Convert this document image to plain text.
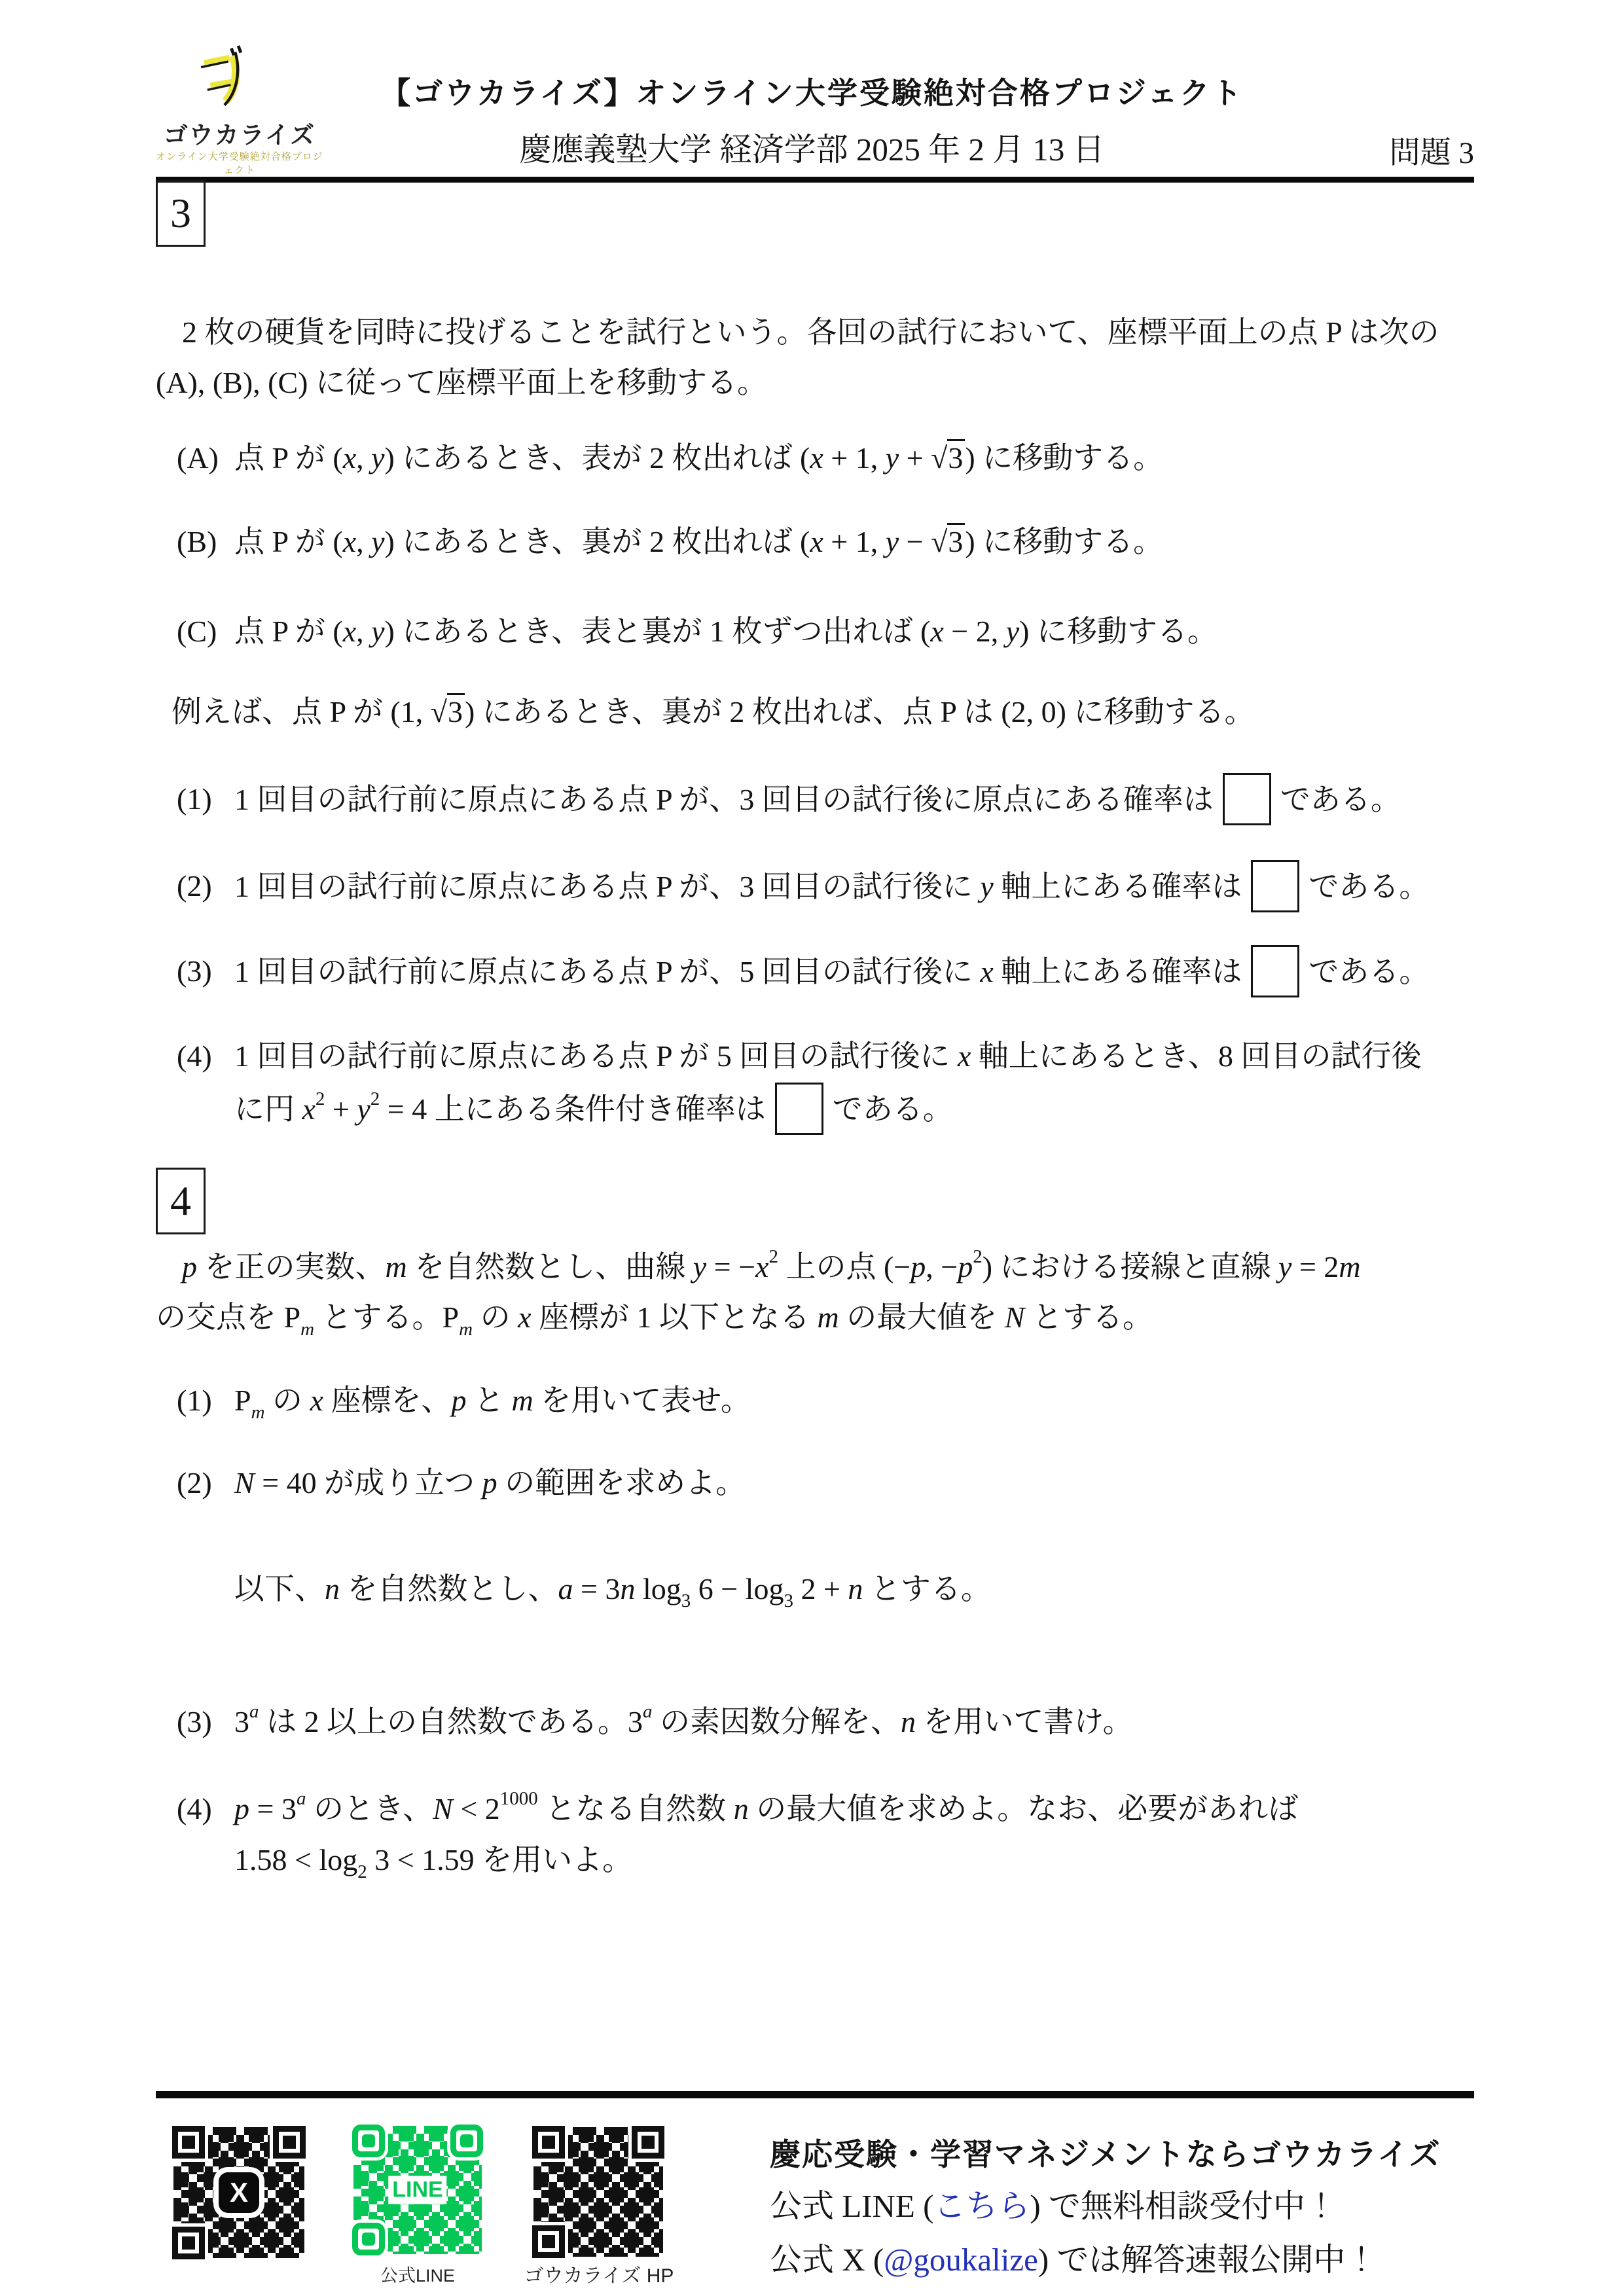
ゴウカライズ
オンライン大学受験絶対合格プロジェクト
【ゴウカライズ】オンライン大学受験絶対合格プロジェクト
慶應義塾大学 経済学部 2025 年 2 月 13 日	問題 3
3
2 枚の硬貨を同時に投げることを試行という。各回の試行において、座標平面上の点 P は次の
(A), (B), (C) に従って座標平面上を移動する。
(A) 点 P が (x, y) にあるとき、表が 2 枚出れば (x + 1, y + √3) に移動する。
(B) 点 P が (x, y) にあるとき、裏が 2 枚出れば (x + 1, y − √3) に移動する。
(C) 点 P が (x, y) にあるとき、表と裏が 1 枚ずつ出れば (x − 2, y) に移動する。
例えば、点 P が (1, √3) にあるとき、裏が 2 枚出れば、点 P は (2, 0) に移動する。
(1) 1 回目の試行前に原点にある点 P が、3 回目の試行後に原点にある確率は である。
(2) 1 回目の試行前に原点にある点 P が、3 回目の試行後に y 軸上にある確率は である。
(3) 1 回目の試行前に原点にある点 P が、5 回目の試行後に x 軸上にある確率は である。
(4) 1 回目の試行前に原点にある点 P が 5 回目の試行後に x 軸上にあるとき、8 回目の試行後
に円 $x^2 + y^2 = 4$ 上にある条件付き確率は である。
4
p を正の実数、m を自然数とし、曲線 $y = -x^2$ 上の点 (−p, $-p^2$) における接線と直線 y = 2m
の交点を $P_m$ とする。$P_m$ の x 座標が 1 以下となる m の最大値を N とする。
(1) $P_m$ の x 座標を、p と m を用いて表せ。
(2) N = 40 が成り立つ p の範囲を求めよ。
以下、n を自然数とし、a = 3n $\log_3 6 - \log_3 2 + n$ とする。
(3) 3$^a$ は 2 以上の自然数である。3$^a$ の素因数分解を、n を用いて書け。
(4) $p = 3^a$ のとき、$N < 2^{1000}$ となる自然数 n の最大値を求めよ。なお、必要があれば
$1.58 < \log_2 3 < 1.59$ を用いよ。
X	LINE
公式LINE	ゴウカライズ HP
慶応受験・学習マネジメントならゴウカライズ
公式 LINE (こちら) で無料相談受付中！
公式 X (@goukalize) では解答速報公開中！
